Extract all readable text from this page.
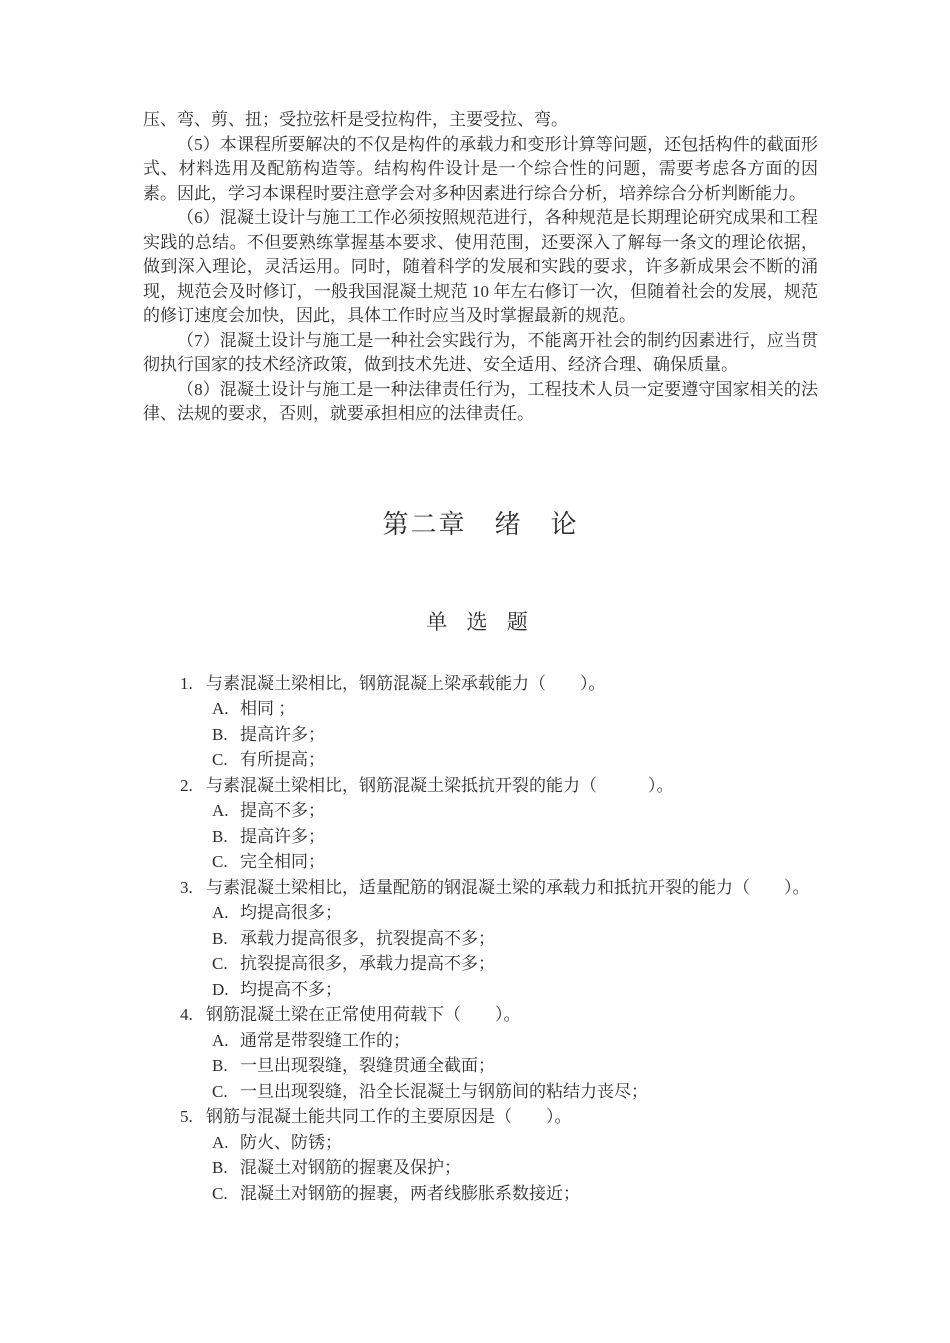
压、弯、剪、扭；受拉弦杆是受拉构件，主要受拉、弯。

（5）本课程所要解决的不仅是构件的承载力和变形计算等问题，还包括构件的截面形式、材料选用及配筋构造等。结构构件设计是一个综合性的问题，需要考虑各方面的因素。因此，学习本课程时要注意学会对多种因素进行综合分析，培养综合分析判断能力。

（6）混凝土设计与施工工作必须按照规范进行，各种规范是长期理论研究成果和工程实践的总结。不但要熟练掌握基本要求、使用范围，还要深入了解每一条文的理论依据，做到深入理论，灵活运用。同时，随着科学的发展和实践的要求，许多新成果会不断的涌现，规范会及时修订，一般我国混凝土规范 10 年左右修订一次，但随着社会的发展，规范的修订速度会加快，因此，具体工作时应当及时掌握最新的规范。

（7）混凝土设计与施工是一种社会实践行为，不能离开社会的制约因素进行，应当贯彻执行国家的技术经济政策，做到技术先进、安全适用、经济合理、确保质量。

（8）混凝土设计与施工是一种法律责任行为，工程技术人员一定要遵守国家相关的法律、法规的要求，否则，就要承担相应的法律责任。

第二章　绪　论
单 选 题
1. 与素混凝土梁相比，钢筋混凝上梁承载能力（　　）。
A. 相同 ；
B. 提高许多；
C. 有所提高；
2. 与素混凝土梁相比，钢筋混凝土梁抵抗开裂的能力（　　　）。
A. 提高不多；
B. 提高许多；
C. 完全相同；
3. 与素混凝土梁相比，适量配筋的钢混凝土梁的承载力和抵抗开裂的能力（　　）。
A. 均提高很多；
B. 承载力提高很多，抗裂提高不多；
C. 抗裂提高很多，承载力提高不多；
D. 均提高不多；
4. 钢筋混凝土梁在正常使用荷载下（　　）。
A. 通常是带裂缝工作的；
B. 一旦出现裂缝，裂缝贯通全截面；
C. 一旦出现裂缝，沿全长混凝土与钢筋间的粘结力丧尽；
5. 钢筋与混凝土能共同工作的主要原因是（　　）。
A. 防火、防锈；
B. 混凝土对钢筋的握裹及保护；
C. 混凝土对钢筋的握裹，两者线膨胀系数接近；
